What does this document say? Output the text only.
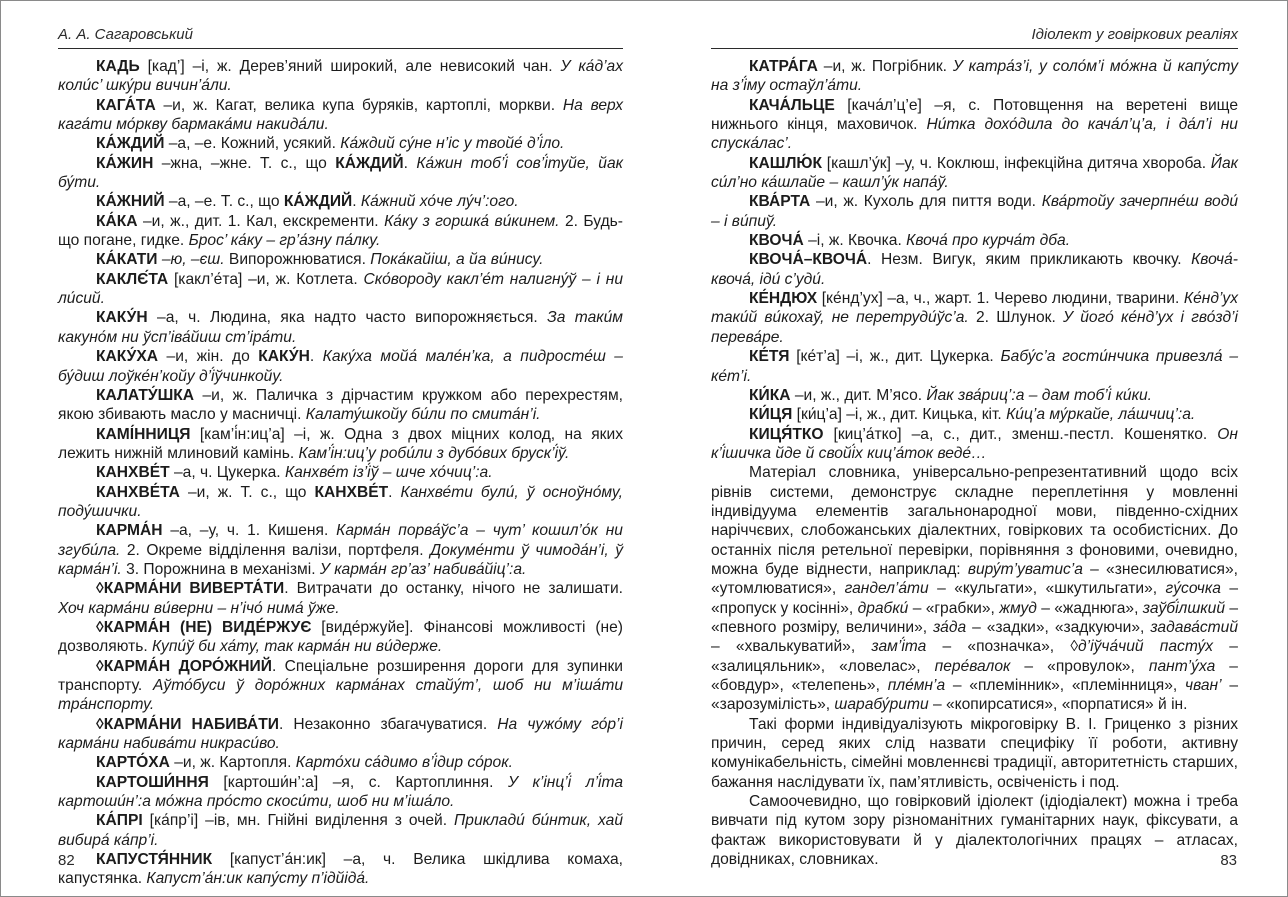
А. А. Сагаровський

КАДЬ [кад’] –і, ж. Дерев’яний широкий, але невисокий чан. У ка́д’ах коли́с’ шку́ри вичин’а́ли.

КАГА́ТА –и, ж. Кагат, велика купа буряків, картоплі, моркви. На верх кага́ти мо́ркву бармака́ми накида́ли.

КА́ЖДИЙ –а, –е. Кожний, усякий. Ка́ждий су́не н’іс у твойе́ д’і́ло.

КА́ЖИН –жна, –жне. Т. с., що КА́ЖДИЙ. Ка́жин тоб’і́ сов’і́туйе, йак бу́ти.

КА́ЖНИЙ –а, –е. Т. с., що КА́ЖДИЙ. Ка́жний хо́че лу́ч’:ого.

КА́КА –и, ж., дит. 1. Кал, екскременти. Ка́ку з горшка́ ви́кинем. 2. Будь-що погане, гидке. Брос’ ка́ку – гр’а́зну па́лку.

КА́КАТИ –ю, –єш. Випорожнюватися. Пока́кайіш, а йа ви́нису.

КАКЛЄ́ТА [какл’е́та] –и, ж. Котлета. Ско́вороду какл’е́т налигну́ў – і ни ли́сий.

КАКУ́Н –а, ч. Людина, яка надто часто випорожняється. За таки́м какуно́м ни ўсп’іва́йиш ст’іра́ти.

КАКУ́ХА –и, жін. до КАКУ́Н. Каку́ха мойа́ мале́н’ка, а пидросте́ш – бу́диш лоўке́н’койу д’і́ўчинкойу.

КАЛАТУ́ШКА –и, ж. Паличка з дірчастим кружком або перехрестям, якою збивають масло у масничці. Калату́шкойу би́ли по смита́н’і.

КАМІ́ННИЦЯ [кам’і́н:иц’а] –і, ж. Одна з двох міцних колод, на яких лежить нижній млиновий камінь. Кам’і́н:иц’у роби́ли з дубо́вих бруск’і́ў.

КАНХВЕ́Т –а, ч. Цукерка. Канхве́т із’і́ў – шче хо́чиц’:а.

КАНХВЕ́ТА –и, ж. Т. с., що КАНХВЕ́Т. Канхве́ти були́, ў осноўно́му, поду́шички.

КАРМА́Н –а, –у, ч. 1. Кишеня. Карма́н порва́ўс’а – чут’ кошил’о́к ни згуби́ла. 2. Окреме відділення валізи, портфеля. Докуме́нти ў чимода́н’і, ў карма́н’і. 3. Порожнина в механізмі. У карма́н гр’аз’ набива́йіц’:а.

◊КАРМА́НИ ВИВЕРТА́ТИ. Витрачати до останку, нічого не залишати. Хоч карма́ни ви́верни – н’ічо́ нима́ ўже.

◊КАРМА́Н (НЕ) ВИДЕ́РЖУЄ [виде́ржуйе]. Фінансові можливості (не) дозволяють. Купи́ў би ха́ту, так карма́н ни ви́держе.

◊КАРМА́Н ДОРО́ЖНИЙ. Спеціальне розширення дороги для зупинки транспорту. Аўто́буси ў доро́жних карма́нах стайу́т’, шоб ни м’іша́ти тра́нспорту.

◊КАРМА́НИ НАБИВА́ТИ. Незаконно збагачуватися. На чужо́му го́р’і карма́ни набива́ти никраси́во.

КАРТО́ХА –и, ж. Картопля. Карто́хи са́димо в’і́дир со́рок.

КАРТОШИ́ННЯ [картоши́н’:а] –я, с. Картоплиння. У к’інц’і́ л’і́та картоши́н’:а мо́жна про́сто скоси́ти, шоб ни м’іша́ло.

КА́ПРІ [ка́пр’і] –ів, мн. Гнійні виділення з очей. Приклади́ би́нтик, хай вибира́ ка́пр’і.

КАПУСТЯ́ННИК [капуст’а́н:ик] –а, ч. Велика шкідлива комаха, капустянка. Капуст’а́н:ик капу́сту п’ідйіда́.

82
Ідіолект у говіркових реаліях

КАТРА́ГА –и, ж. Погрібник. У катра́з’і, у соло́м’і мо́жна й капу́сту на з’і́му остаўл’а́ти.

КАЧА́ЛЬЦЕ [кача́л’ц’е] –я, с. Потовщення на веретені вище нижнього кінця, маховичок. Ни́тка дохо́дила до кача́л’ц’а, і да́л’і ни спуска́лас’.

КАШЛЮ́К [кашл’у́к] –у, ч. Коклюш, інфекційна дитяча хвороба. Йак си́л’но ка́шлайе – кашл’у́к напа́ў.

КВА́РТА –и, ж. Кухоль для пиття води. Ква́ртойу зачерпне́ш води́ – і ви́пиў.

КВОЧА́ –і, ж. Квочка. Квоча́ про курча́т дба.

КВОЧА́–КВОЧА́. Незм. Вигук, яким прикликають квочку. Квоча́-квоча́, іди́ с’уди́.

КЕ́НДЮХ [ке́нд’ух] –а, ч., жарт. 1. Черево людини, тварини. Ке́нд’ух таки́й ви́кохаў, не перетруди́ўс’а. 2. Шлунок. У його́ ке́нд’ух і гво́зд’і перева́ре.

КЕ́ТЯ [ке́т’а] –і, ж., дит. Цукерка. Бабу́с’а гости́нчика привезла́ – ке́т’і.

КИ́КА –и, ж., дит. М’ясо. Йак зва́риц’:а – дам тоб’і́ ки́ки.

КИ́ЦЯ [ки́ц’а] –і, ж., дит. Кицька, кіт. Ки́ц’а му́ркайе, ла́шчиц’:а.

КИЦЯ́ТКО [киц’а́тко] –а, с., дит., зменш.-пестл. Кошенятко. Он к’і́шичка йде й свойі́х киц’а́ток веде́…

Матеріал словника, універсально-репрезентативний щодо всіх рівнів системи, демонструє складне переплетіння у мовленні індивідуума елементів загальнонародної мови, південно-східних наріччєвих, слобожанських діалектних, говіркових та особистісних. До останніх після ретельної перевірки, порівняння з фоновими, очевидно, можна буде віднести, наприклад: виру́т’уватис’а – «знесилюватися», «утомлюватися», гандел’а́ти – «кульгати», «шкутильгати», гу́сочка – «пропуск у косінні», драбки́ – «грабки», жмуд – «жаднюга», заўбі́лшкий – «певного розміру, величини», за́да – «задки», «задкуючи», задава́стий – «хвалькуватий», зам’і́та – «позначка», ◊д’іўча́чий пасту́х – «залицяльник», «ловелас», пере́валок – «провулок», пант’у́ха – «бовдур», «телепень», пле́мн’а – «племінник», «племінниця», чван’ – «зарозумілість», шарабу́рити – «копирсатися», «порпатися» й ін.

Такі форми індивідуалізують мікроговірку В. І. Гриценко з різних причин, серед яких слід назвати специфіку її роботи, активну комунікабельність, сімейні мовленнєві традиції, авторитетність старших, бажання наслідувати їх, пам’ятливість, освіченість і под.

Самоочевидно, що говірковий ідіолект (ідіодіалект) можна і треба вивчати під кутом зору різноманітних гуманітарних наук, фіксувати, а фактаж використовувати й у діалектологічних працях – атласах, довідниках, словниках.	83
